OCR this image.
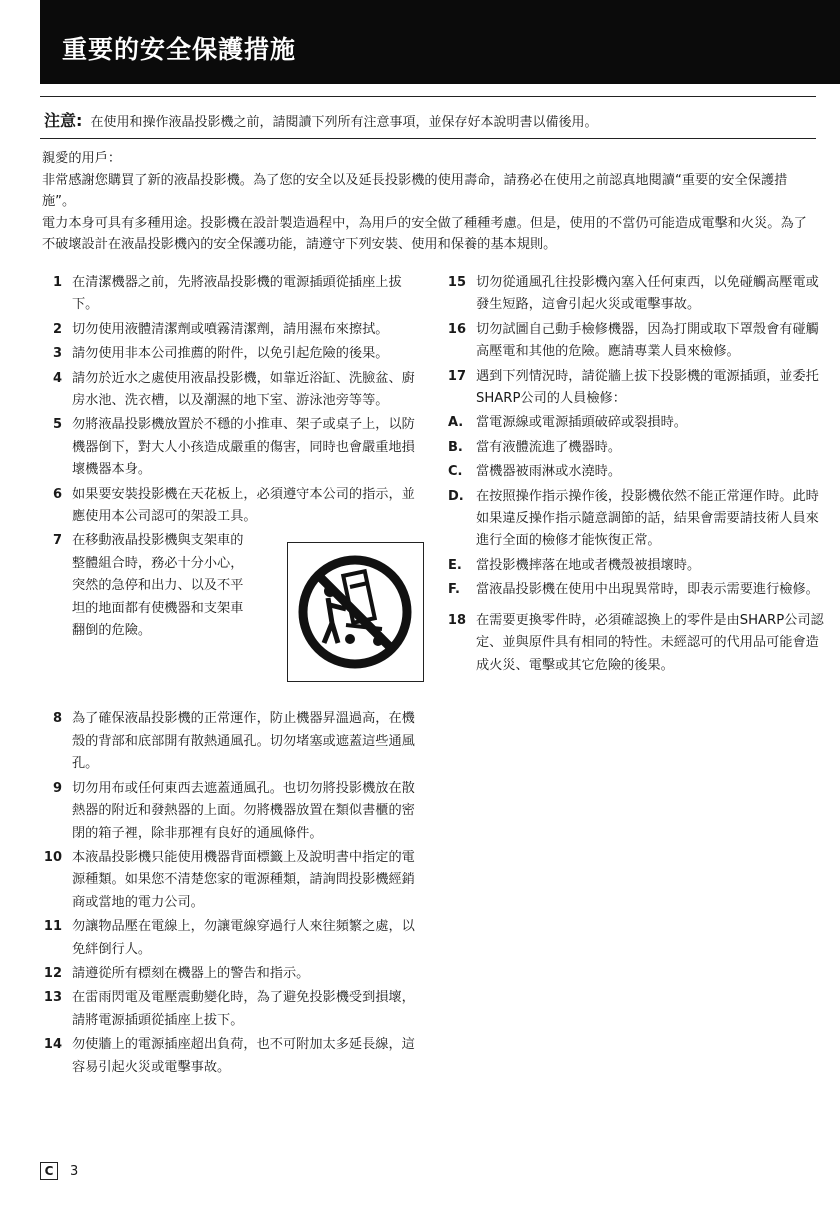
重要的安全保護措施
注意: 在使用和操作液晶投影機之前，請閱讀下列所有注意事項，並保存好本說明書以備後用。

親愛的用戶：

非常感謝您購買了新的液晶投影機。為了您的安全以及延長投影機的使用壽命，請務必在使用之前認真地閱讀“重要的安全保護措施”。

電力本身可具有多種用途。投影機在設計製造過程中，為用戶的安全做了種種考慮。但是，使用的不當仍可能造成電擊和火災。為了不破壞設計在液晶投影機內的安全保護功能，請遵守下列安裝、使用和保養的基本規則。

1 在清潔機器之前，先將液晶投影機的電源插頭從插座上拔下。
2 切勿使用液體清潔劑或噴霧清潔劑，請用濕布來擦拭。
3 請勿使用非本公司推薦的附件，以免引起危險的後果。
4 請勿於近水之處使用液晶投影機，如靠近浴缸、洗臉盆、廚房水池、洗衣槽，以及潮濕的地下室、游泳池旁等等。
5 勿將液晶投影機放置於不穩的小推車、架子或桌子上，以防機器倒下，對大人小孩造成嚴重的傷害，同時也會嚴重地損壞機器本身。
6 如果要安裝投影機在天花板上，必須遵守本公司的指示，並應使用本公司認可的架設工具。
7 在移動液晶投影機與支架車的整體組合時，務必十分小心，突然的急停和出力、以及不平坦的地面都有使機器和支架車翻倒的危險。
8 為了確保液晶投影機的正常運作，防止機器昇溫過高，在機殼的背部和底部開有散熱通風孔。切勿堵塞或遮蓋這些通風孔。
9 切勿用布或任何東西去遮蓋通風孔。也切勿將投影機放在散熱器的附近和發熱器的上面。勿將機器放置在類似書櫃的密閉的箱子裡，除非那裡有良好的通風條件。
10 本液晶投影機只能使用機器背面標籤上及說明書中指定的電源種類。如果您不清楚您家的電源種類，請詢問投影機經銷商或當地的電力公司。
11 勿讓物品壓在電線上，勿讓電線穿過行人來往頻繁之處，以免絆倒行人。
12 請遵從所有標刻在機器上的警告和指示。
13 在雷雨閃電及電壓震動變化時，為了避免投影機受到損壞，請將電源插頭從插座上拔下。
14 勿使牆上的電源插座超出負荷，也不可附加太多延長線，這容易引起火災或電擊事故。
15 切勿從通風孔往投影機內塞入任何東西，以免碰觸高壓電或發生短路，這會引起火災或電擊事故。
16 切勿試圖自己動手檢修機器，因為打開或取下罩殼會有碰觸高壓電和其他的危險。應請專業人員來檢修。
17 遇到下列情況時，請從牆上拔下投影機的電源插頭，並委托SHARP公司的人員檢修：
A. 當電源線或電源插頭破碎或裂損時。
B. 當有液體流進了機器時。
C.	當機器被雨淋或水澆時。
D. 在按照操作指示操作後，投影機依然不能正常運作時。此時如果違反操作指示隨意調節的話，結果會需要請技術人員來進行全面的檢修才能恢復正常。
E.	當投影機摔落在地或者機殼被損壞時。
F.	當液晶投影機在使用中出現異常時，即表示需要進行檢修。
18 在需要更換零件時，必須確認換上的零件是由SHARP公司認定、並與原件具有相同的特性。未經認可的代用品可能會造成火災、電擊或其它危險的後果。
C	3
